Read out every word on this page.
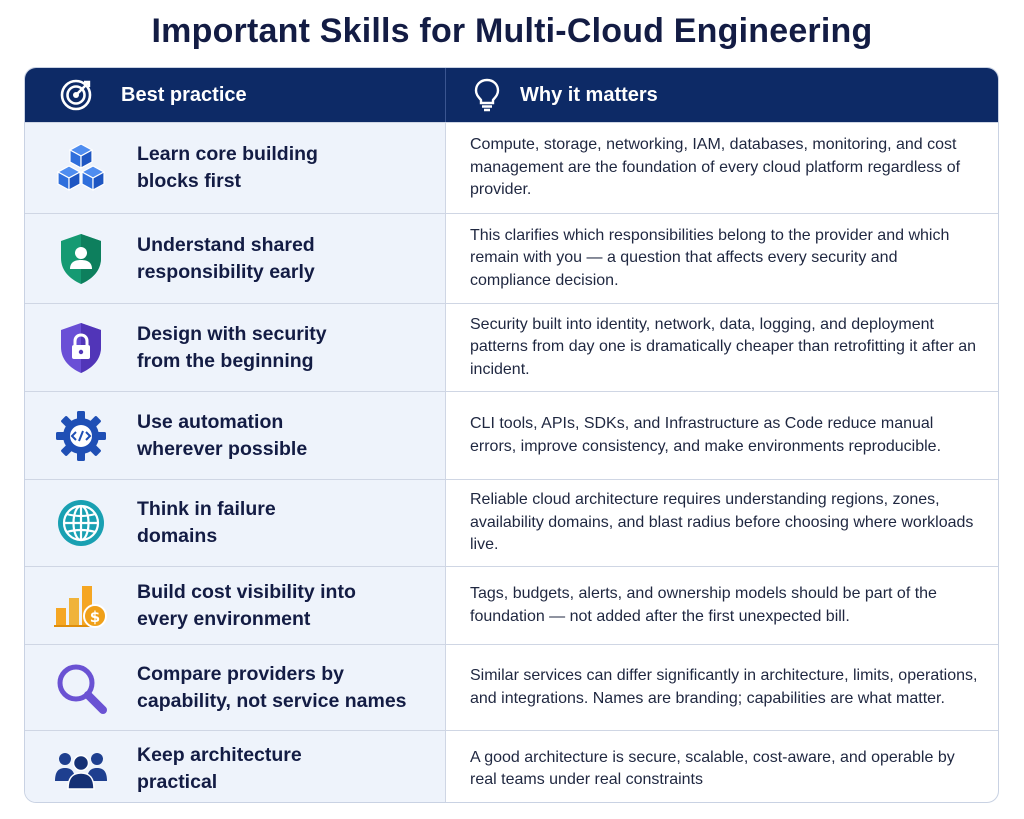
Important Skills for Multi-Cloud Engineering
Best practice	Why it matters
Learn core building
blocks first
Compute, storage, networking, IAM, databases, monitoring, and cost management are the foundation of every cloud platform regardless of provider.
Understand shared
responsibility early
This clarifies which responsibilities belong to the provider and which remain with you — a question that affects every security and compliance decision.
Design with security
from the beginning
Security built into identity, network, data, logging, and deployment patterns from day one is dramatically cheaper than retrofitting it after an incident.
Use automation
wherever possible
CLI tools, APIs, SDKs, and Infrastructure as Code reduce manual errors, improve consistency, and make environments reproducible.
Think in failure
domains
Reliable cloud architecture requires understanding regions, zones, availability domains, and blast radius before choosing where workloads live.
$
Build cost visibility into
every environment
Tags, budgets, alerts, and ownership models should be part of the foundation — not added after the first unexpected bill.
Compare providers by
capability, not service names
Similar services can differ significantly in architecture, limits, operations, and integrations. Names are branding; capabilities are what matter.
Keep architecture
practical
A good architecture is secure, scalable, cost-aware, and operable by real teams under real constraints
